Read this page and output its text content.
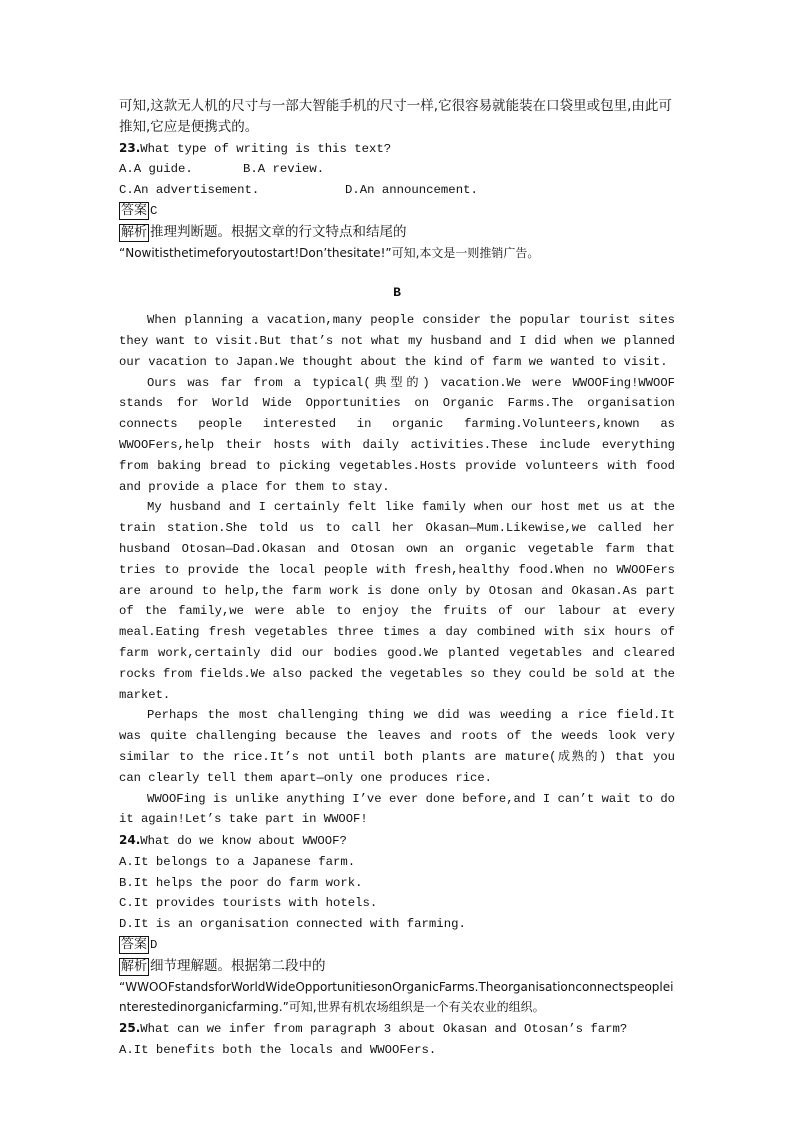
可知,这款无人机的尺寸与一部大智能手机的尺寸一样,它很容易就能装在口袋里或包里,由此可推知,它应是便携式的。

23.What type of writing is this text?

A.A guide.	B.A review.
C.An advertisement.	D.An announcement.

答案 C

解析 推理判断题。根据文章的行文特点和结尾的

“Nowitisthetimeforyoutostart!Don’thesitate!”可知,本文是一则推销广告。

B

When planning a vacation,many people consider the popular tourist sites they want to visit.But that’s not what my husband and I did when we planned our vacation to Japan.We thought about the kind of farm we wanted to visit.

Ours was far from a typical(典型的) vacation.We were WWOOFing!WWOOF stands for World Wide Opportunities on Organic Farms.The organisation connects people interested in organic farming.Volunteers,known as WWOOFers,help their hosts with daily activities.These include everything from baking bread to picking vegetables.Hosts provide volunteers with food and provide a place for them to stay.

My husband and I certainly felt like family when our host met us at the train station.She told us to call her Okasan—Mum.Likewise,we called her husband Otosan—Dad.Okasan and Otosan own an organic vegetable farm that tries to provide the local people with fresh,healthy food.When no WWOOFers are around to help,the farm work is done only by Otosan and Okasan.As part of the family,we were able to enjoy the fruits of our labour at every meal.Eating fresh vegetables three times a day combined with six hours of farm work,certainly did our bodies good.We planted vegetables and cleared rocks from fields.We also packed the vegetables so they could be sold at the market.

Perhaps the most challenging thing we did was weeding a rice field.It was quite challenging because the leaves and roots of the weeds look very similar to the rice.It’s not until both plants are mature(成熟的) that you can clearly tell them apart—only one produces rice.

WWOOFing is unlike anything I’ve ever done before,and I can’t wait to do it again!Let’s take part in WWOOF!

24.What do we know about WWOOF?

A.It belongs to a Japanese farm.

B.It helps the poor do farm work.

C.It provides tourists with hotels.

D.It is an organisation connected with farming.

答案 D

解析 细节理解题。根据第二段中的

“WWOOFstandsforWorldWideOpportunitiesonOrganicFarms.Theorganisationconnectspeopleinterestedinorganicfarming.”可知,世界有机农场组织是一个有关农业的组织。

25.What can we infer from paragraph 3 about Okasan and Otosan’s farm?

A.It benefits both the locals and WWOOFers.
